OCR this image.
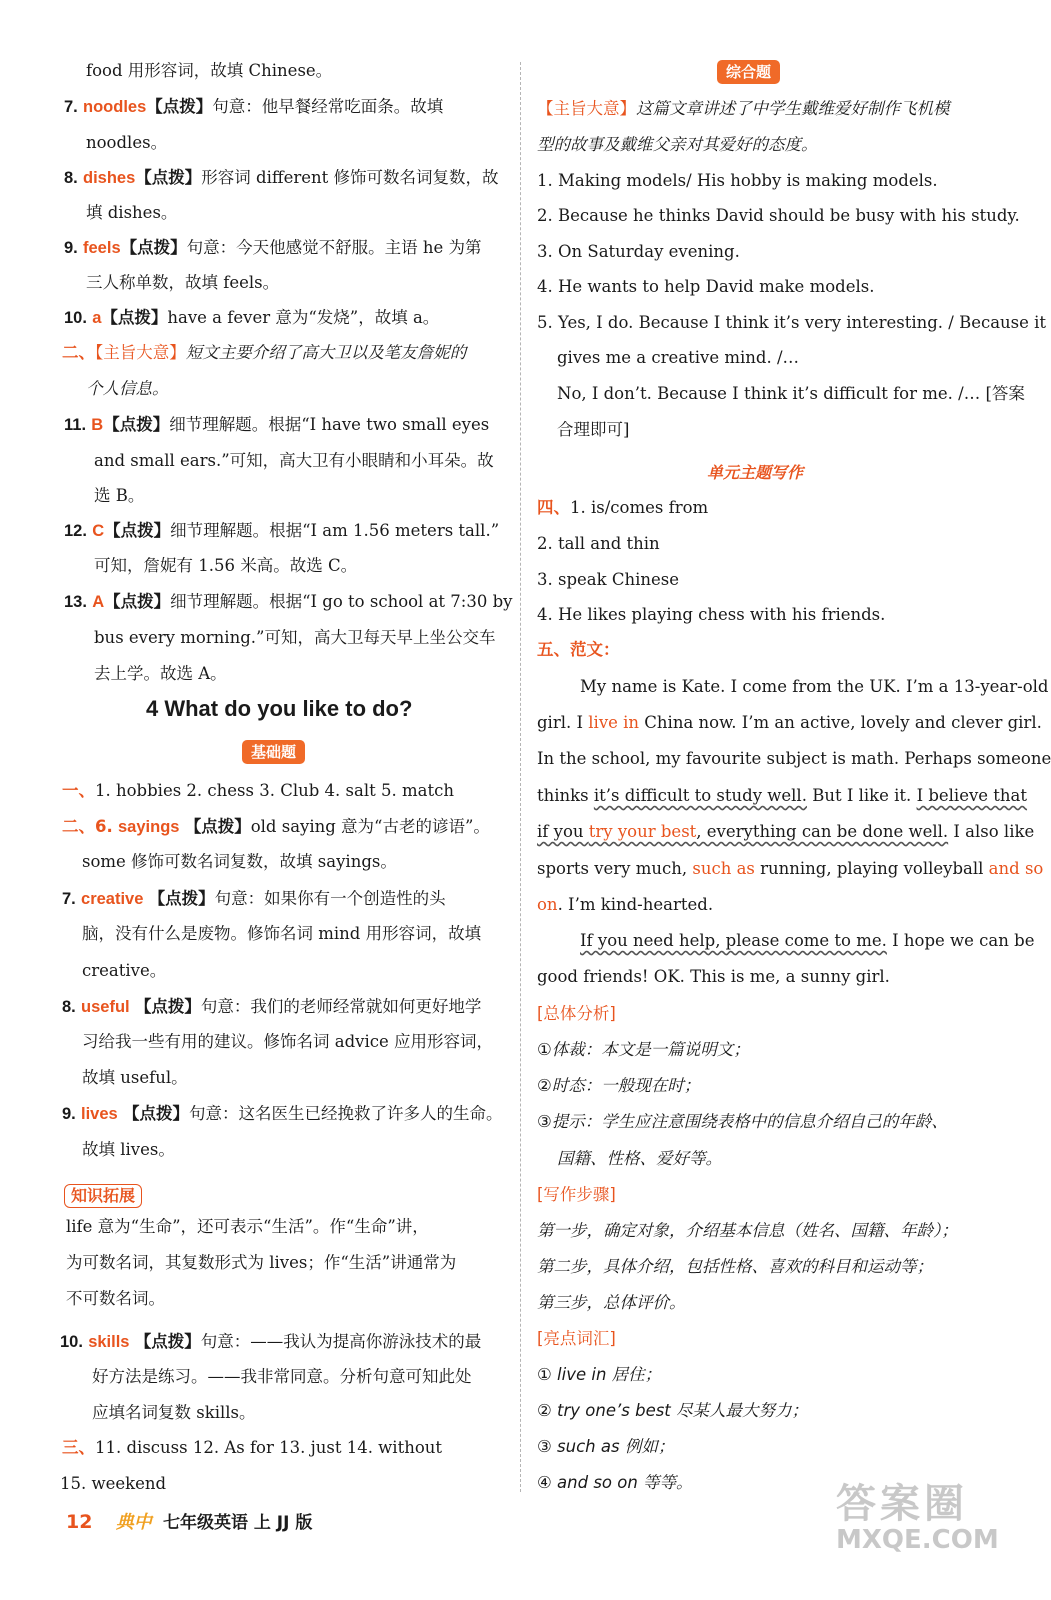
food 用形容词，故填 Chinese。
7. noodles【点拨】句意：他早餐经常吃面条。故填
noodles。
8. dishes【点拨】形容词 different 修饰可数名词复数，故
填 dishes。
9. feels【点拨】句意：今天他感觉不舒服。主语 he 为第
三人称单数，故填 feels。
10. a【点拨】have a fever 意为“发烧”，故填 a。
二、【主旨大意】短文主要介绍了高大卫以及笔友詹妮的
个人信息。
11. B【点拨】细节理解题。根据“I have two small eyes
and small ears.”可知，高大卫有小眼睛和小耳朵。故
选 B。
12. C【点拨】细节理解题。根据“I am 1.56 meters tall.”
可知，詹妮有 1.56 米高。故选 C。
13. A【点拨】细节理解题。根据“I go to school at 7:30 by
bus every morning.”可知，高大卫每天早上坐公交车
去上学。故选 A。
4 What do you like to do?
基础题
一、1. hobbies 2. chess 3. Club 4. salt 5. match
二、6. sayings 【点拨】old saying 意为“古老的谚语”。
some 修饰可数名词复数，故填 sayings。
7. creative 【点拨】句意：如果你有一个创造性的头
脑，没有什么是废物。修饰名词 mind 用形容词，故填
creative。
8. useful 【点拨】句意：我们的老师经常就如何更好地学
习给我一些有用的建议。修饰名词 advice 应用形容词，
故填 useful。
9. lives 【点拨】句意：这名医生已经挽救了许多人的生命。
故填 lives。
知识拓展
life 意为“生命”，还可表示“生活”。作“生命”讲，
为可数名词，其复数形式为 lives；作“生活”讲通常为
不可数名词。
10. skills 【点拨】句意：——我认为提高你游泳技术的最
好方法是练习。——我非常同意。分析句意可知此处
应填名词复数 skills。
三、11. discuss 12. As for 13. just 14. without
15. weekend
综合题
【主旨大意】这篇文章讲述了中学生戴维爱好制作飞机模
型的故事及戴维父亲对其爱好的态度。
1. Making models/ His hobby is making models.
2. Because he thinks David should be busy with his study.
3. On Saturday evening.
4. He wants to help David make models.
5. Yes, I do. Because I think it’s very interesting. / Because it
gives me a creative mind. /…
No, I don’t. Because I think it’s difficult for me. /… [答案
合理即可]
单元主题写作
四、1. is/comes from
2. tall and thin
3. speak Chinese
4. He likes playing chess with his friends.
五、范文：
My name is Kate. I come from the UK. I’m a 13-year-old
girl. I live in China now. I’m an active, lovely and clever girl.
In the school, my favourite subject is math. Perhaps someone
thinks it’s difficult to study well. But I like it. I believe that
if you try your best, everything can be done well. I also like
sports very much, such as running, playing volleyball and so
on. I’m kind-hearted.
If you need help, please come to me. I hope we can be
good friends! OK. This is me, a sunny girl.
[总体分析]
①体裁：本文是一篇说明文；
②时态：一般现在时；
③提示：学生应注意围绕表格中的信息介绍自己的年龄、
国籍、性格、爱好等。
[写作步骤]
第一步，确定对象，介绍基本信息（姓名、国籍、年龄）；
第二步，具体介绍，包括性格、喜欢的科目和运动等；
第三步，总体评价。
[亮点词汇]
① live in 居住；
② try one’s best 尽某人最大努力；
③ such as 例如；
④ and so on 等等。
12 典中 七年级英语 上 JJ 版	答案圈
MXQE.COM
